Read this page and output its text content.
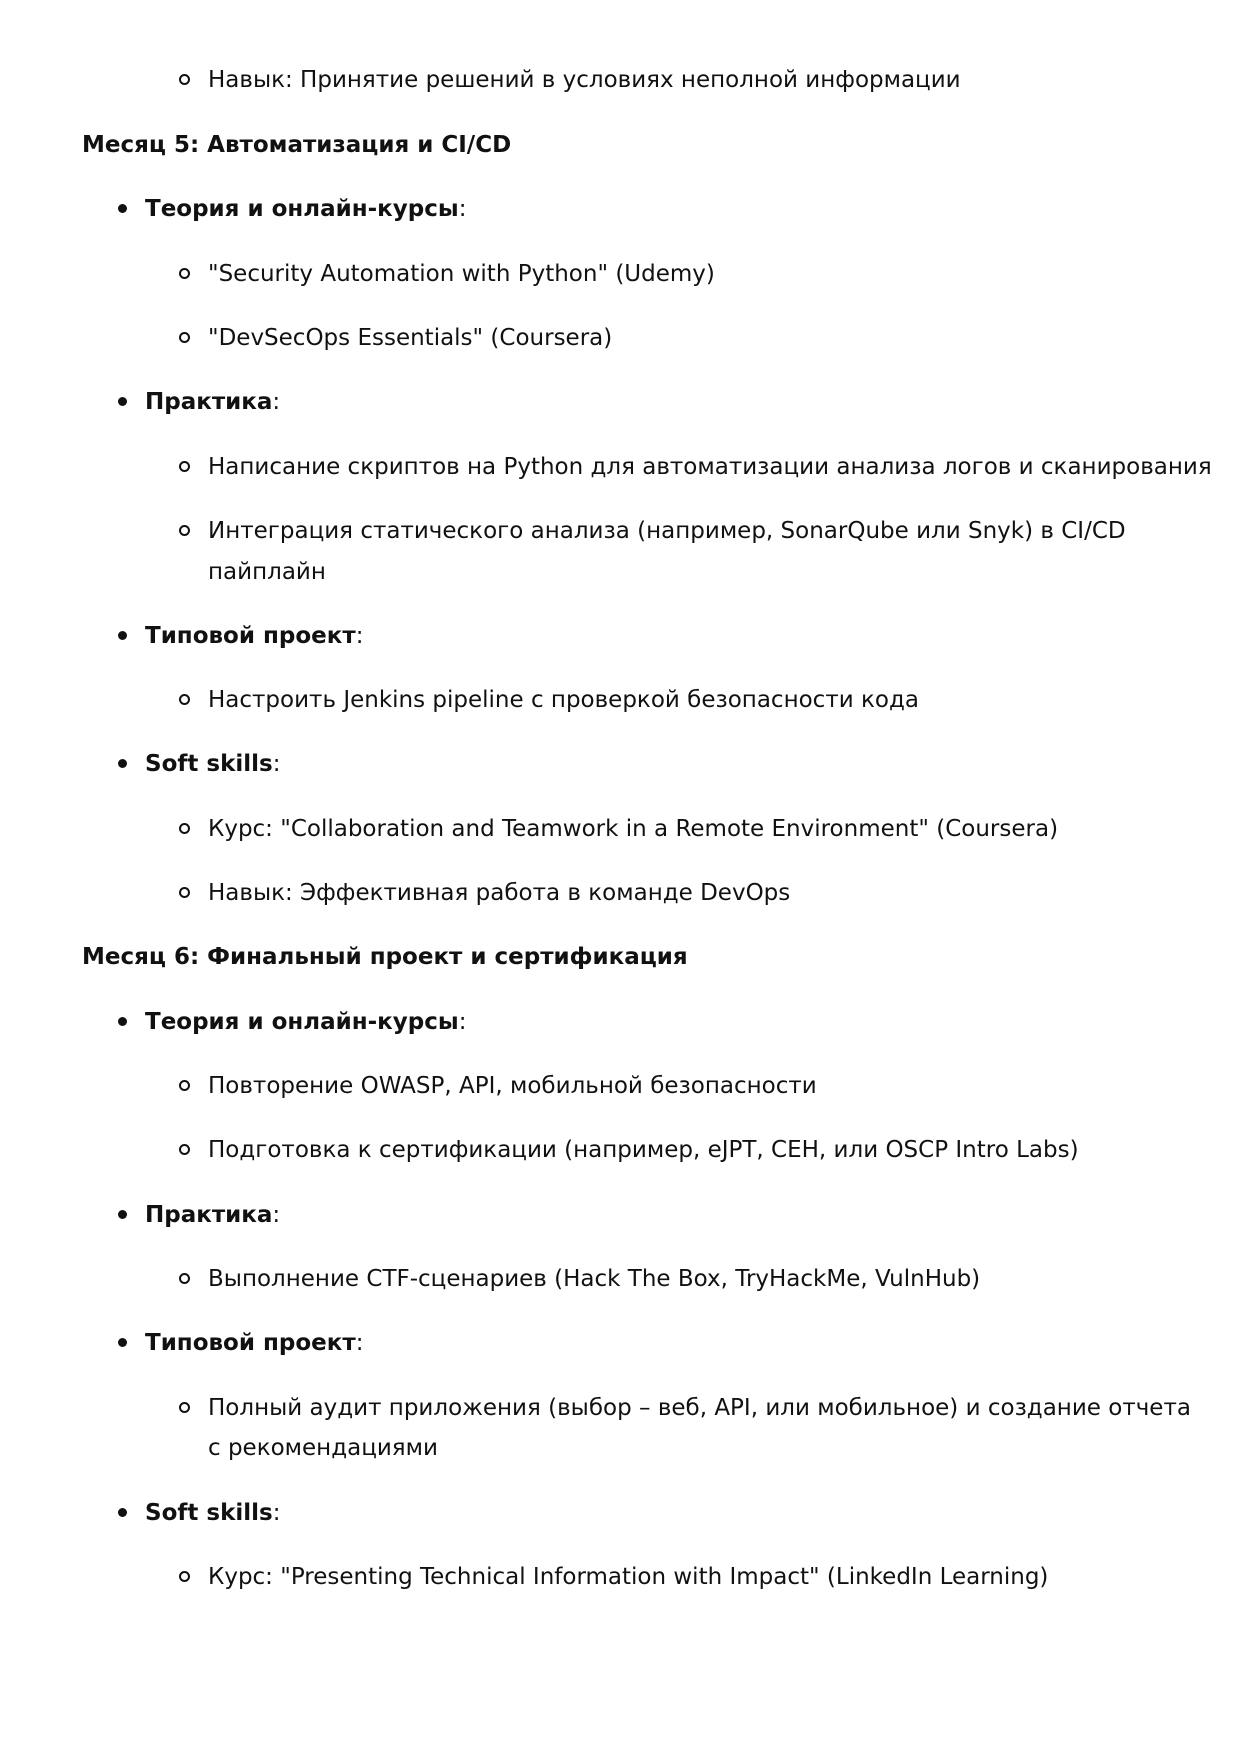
Навык: Принятие решений в условиях неполной информации
Месяц 5: Автоматизация и CI/CD
Теория и онлайн-курсы:
"Security Automation with Python" (Udemy)
"DevSecOps Essentials" (Coursera)
Практика:
Написание скриптов на Python для автоматизации анализа логов и сканирования
Интеграция статического анализа (например, SonarQube или Snyk) в CI/CD
пайплайн
Типовой проект:
Настроить Jenkins pipeline с проверкой безопасности кода
Soft skills:
Курс: "Collaboration and Teamwork in a Remote Environment" (Coursera)
Навык: Эффективная работа в команде DevOps
Месяц 6: Финальный проект и сертификация
Теория и онлайн-курсы:
Повторение OWASP, API, мобильной безопасности
Подготовка к сертификации (например, eJPT, CEH, или OSCP Intro Labs)
Практика:
Выполнение CTF-сценариев (Hack The Box, TryHackMe, VulnHub)
Типовой проект:
Полный аудит приложения (выбор – веб, API, или мобильное) и создание отчета
с рекомендациями
Soft skills:
Курс: "Presenting Technical Information with Impact" (LinkedIn Learning)
